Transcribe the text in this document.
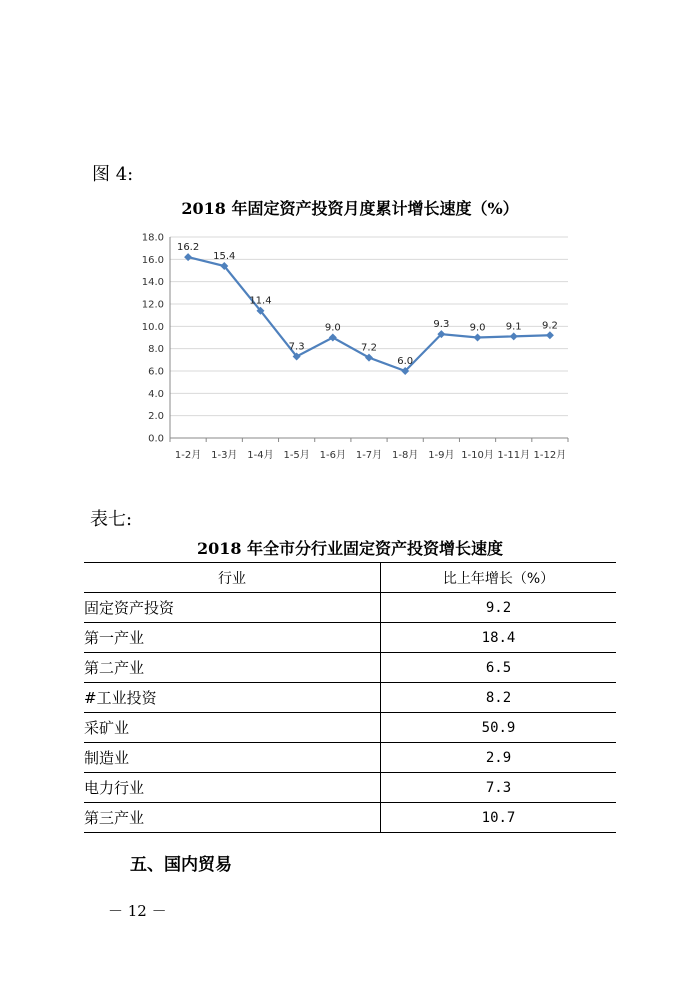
图 4:
2018 年固定资产投资月度累计增长速度（%）
0.0
2.0
4.0
6.0
8.0
10.0
12.0
14.0
16.0
18.0
1-2月 1-3月 1-4月 1-5月 1-6月 1-7月 1-8月 1-9月 1-10月 1-11月 1-12月
16.2
15.4
11.4
7.3
9.0
7.2
6.0
9.3 9.0 9.1 9.2
表七:
2018 年全市分行业固定资产投资增长速度
行业	比上年增长（%）
固定资产投资	9.2
第一产业	18.4
第二产业	6.5
#工业投资	8.2
采矿业	50.9
制造业	2.9
电力行业	7.3
第三产业	10.7
五、国内贸易
－ 12 －
